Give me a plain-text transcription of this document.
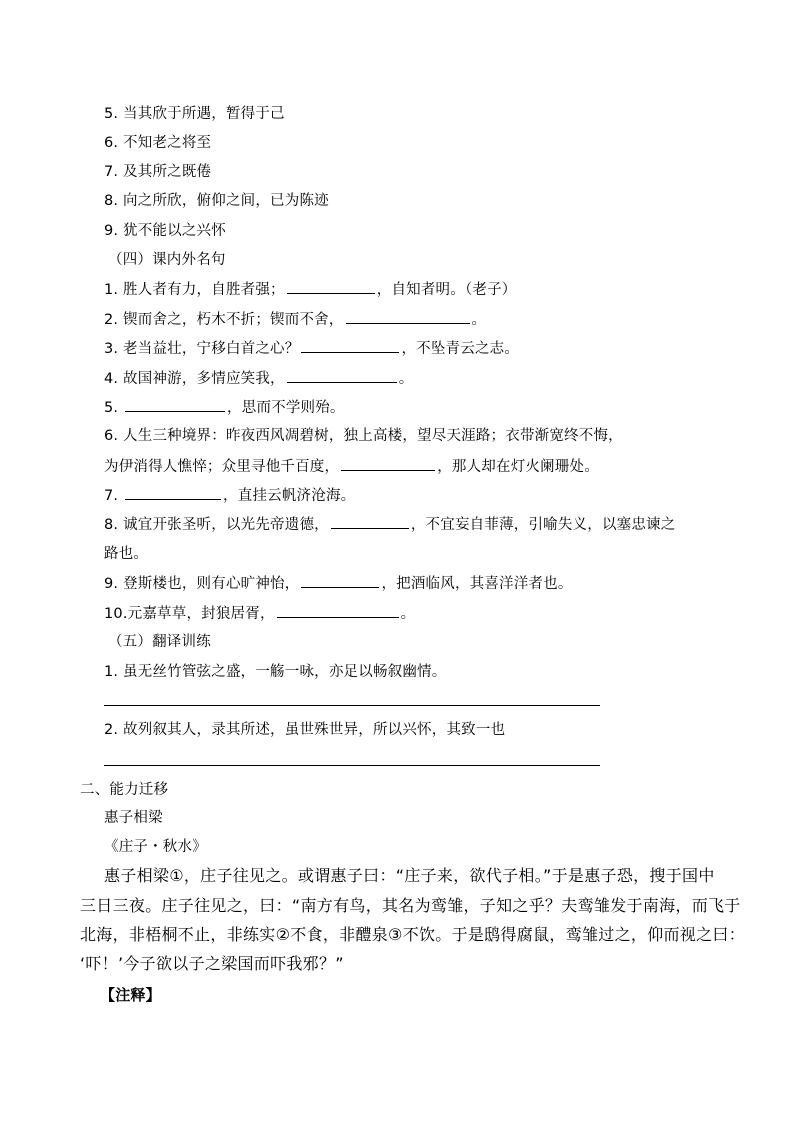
5. 当其欣于所遇，暂得于己
6. 不知老之将至
7. 及其所之既倦
8. 向之所欣，俯仰之间，已为陈迹
9. 犹不能以之兴怀
（四）课内外名句
1. 胜人者有力，自胜者强；	，自知者明。（老子）
2. 锲而舍之，朽木不折；锲而不舍，	。
3. 老当益壮，宁移白首之心？	，不坠青云之志。
4. 故国神游，多情应笑我，	。
5.	，思而不学则殆。
6. 人生三种境界：昨夜西风凋碧树，独上高楼，望尽天涯路；衣带渐宽终不悔，
为伊消得人憔悴；众里寻他千百度，	，那人却在灯火阑珊处。
7.	，直挂云帆济沧海。
8. 诚宜开张圣听，以光先帝遗德，	，不宜妄自菲薄，引喻失义，以塞忠谏之
路也。
9. 登斯楼也，则有心旷神怡，	，把酒临风，其喜洋洋者也。
10.元嘉草草，封狼居胥，	。
（五）翻译训练
1. 虽无丝竹管弦之盛，一觞一咏，亦足以畅叙幽情。
2. 故列叙其人，录其所述，虽世殊世异，所以兴怀，其致一也
二、能力迁移
惠子相梁
《庄子・秋水》
惠子相梁①，庄子往见之。或谓惠子曰：“庄子来，欲代子相。”于是惠子恐，搜于国中
三日三夜。庄子往见之，曰：“南方有鸟，其名为鸾雏，子知之乎？夫鸾雏发于南海，而飞于
北海，非梧桐不止，非练实②不食，非醴泉③不饮。于是鸱得腐鼠，鸾雏过之，仰而视之曰：
‘吓！’今子欲以子之梁国而吓我邪？”
【注释】
